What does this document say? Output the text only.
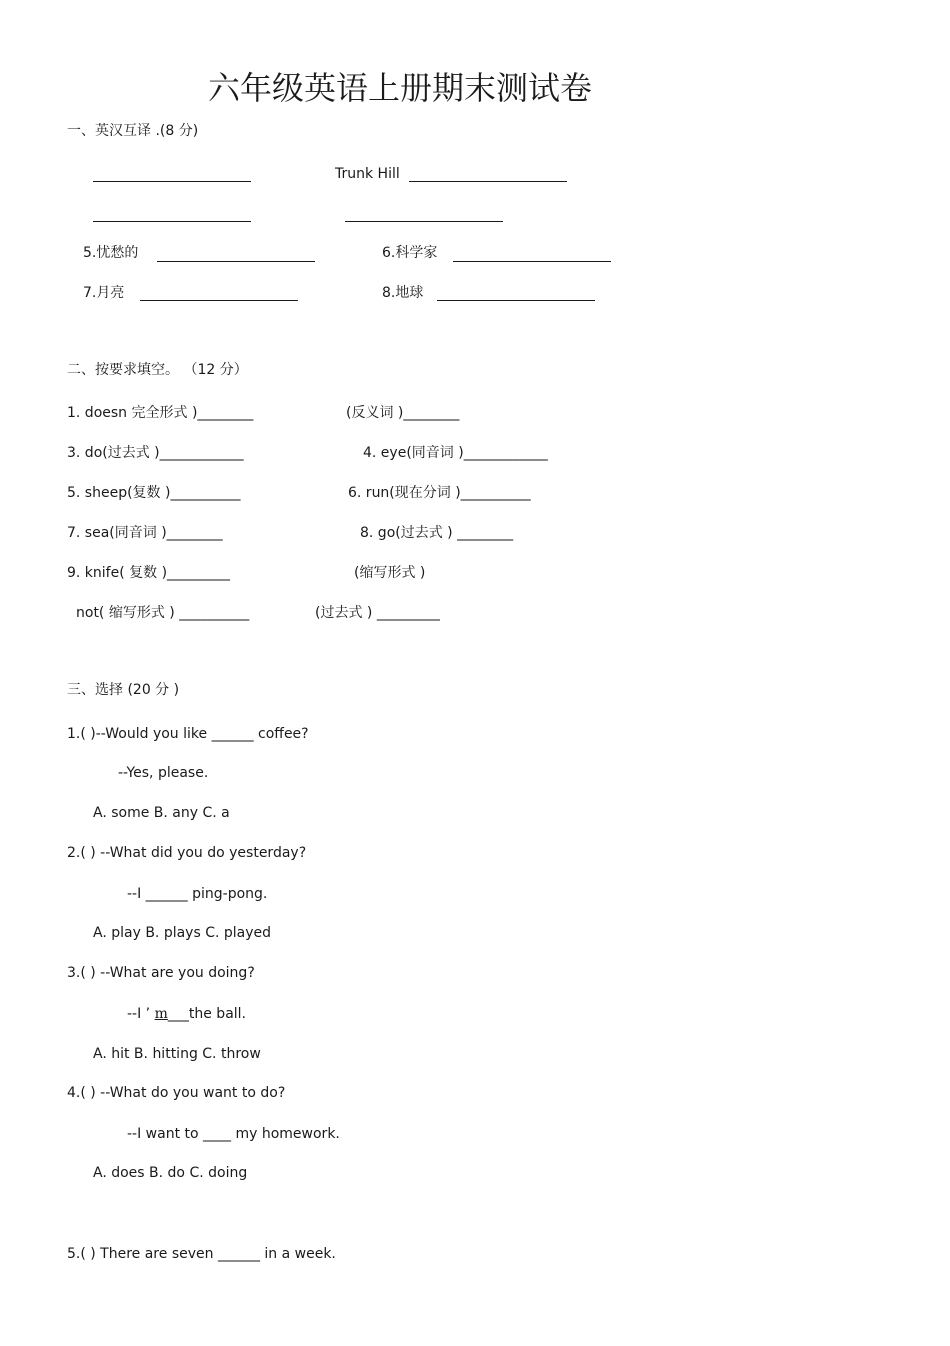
六年级英语上册期末测试卷
一、英汉互译 .(8 分)
Trunk Hill
5.忧愁的	6.科学家
7.月亮	8.地球
二、按要求填空。 （12 分）
1. doesn 完全形式 )________	(反义词 )________
3. do(过去式 )____________	4. eye(同音词 )____________
5. sheep(复数 )__________	6. run(现在分词 )__________
7. sea(同音词 )________	8. go(过去式 ) ________
9. knife( 复数 )_________	(缩写形式 )
not( 缩写形式 ) __________	(过去式 ) _________
三、选择 (20 分 )
1.( )--Would you like ______ coffee?
--Yes, please.
A. some B. any C. a
2.( ) --What did you do yesterday?
--I ______ ping-pong.
A. play B. plays C. played
3.( ) --What are you doing?
--I ’ m___the ball.
A. hit B. hitting C. throw
4.( ) --What do you want to do?
--I want to ____ my homework.
A. does B. do C. doing
5.( ) There are seven ______ in a week.
